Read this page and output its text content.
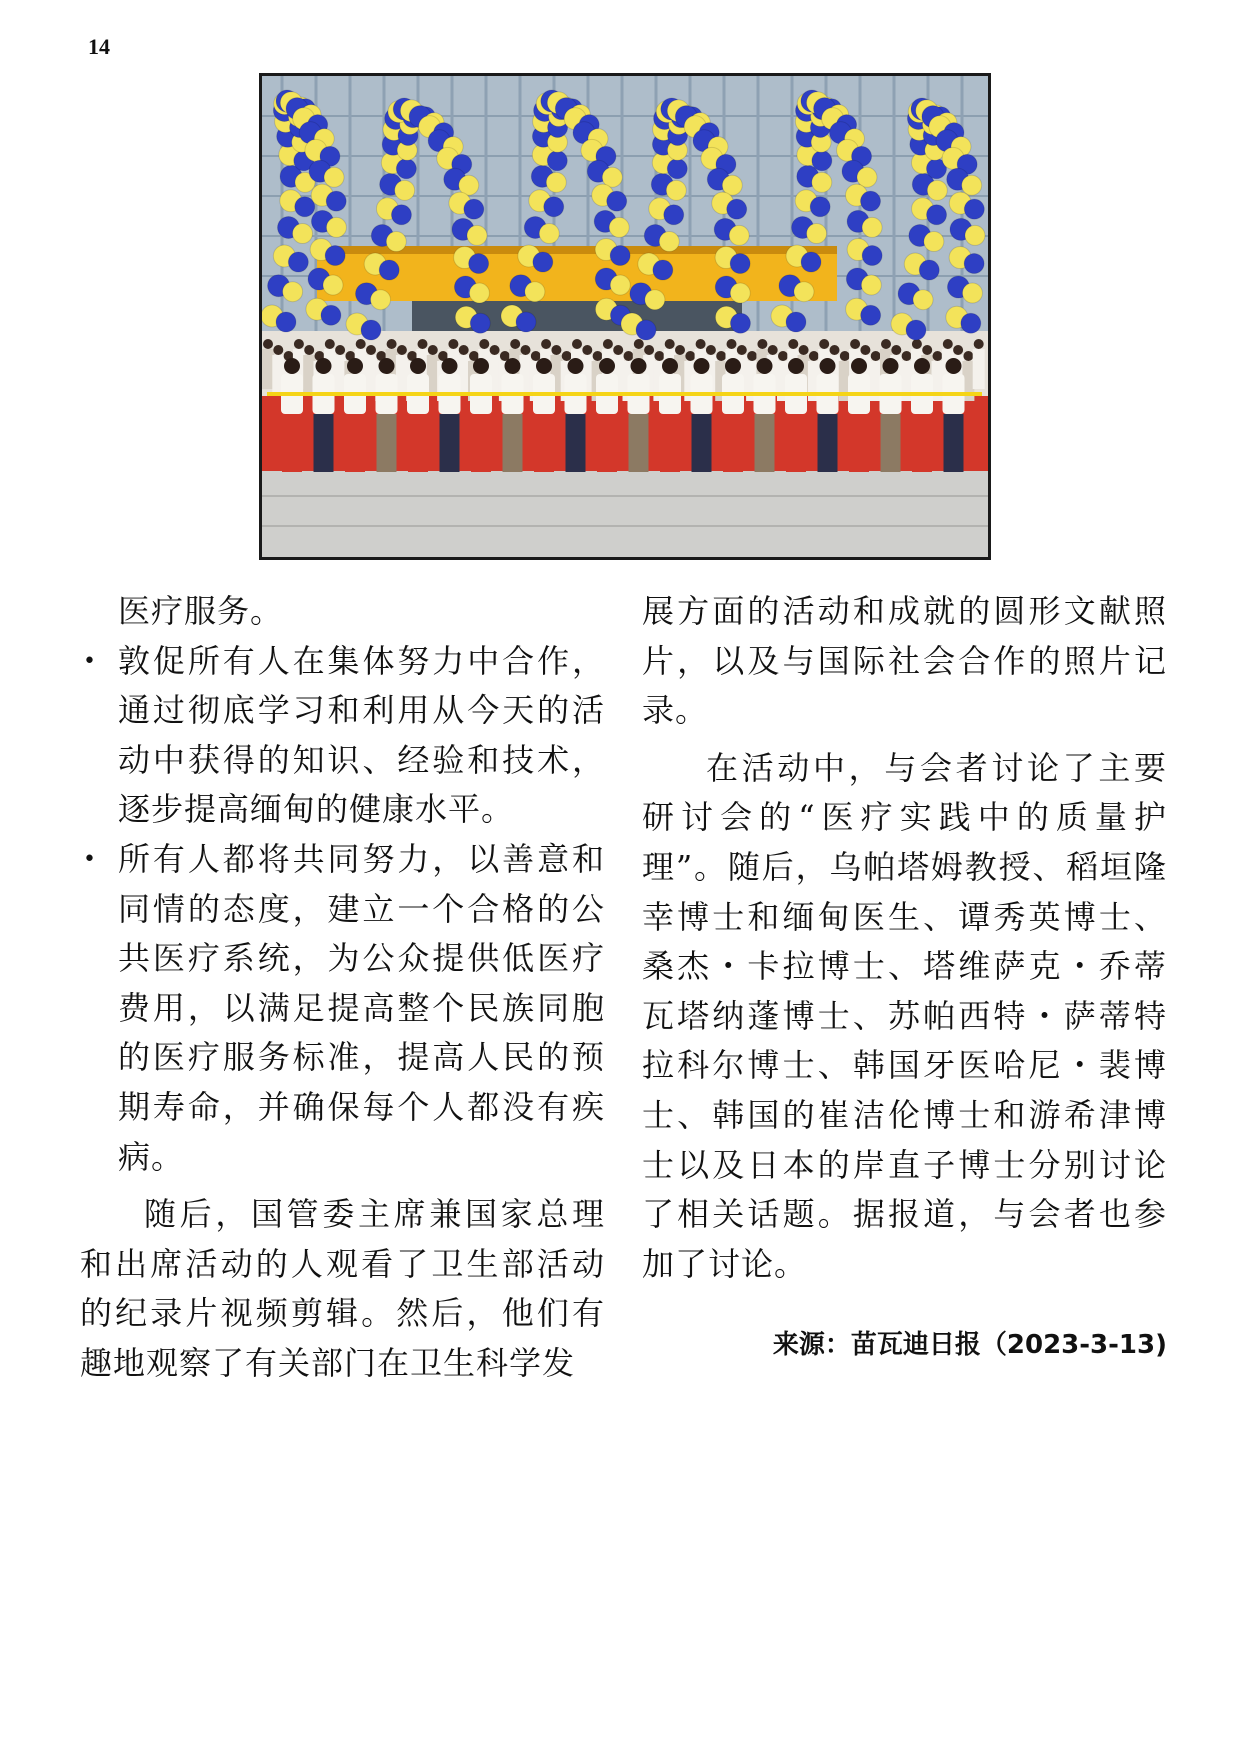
14

医疗服务。

• 敦促所有人在集体努力中合作，通过彻底学习和利用从今天的活动中获得的知识、经验和技术，逐步提高缅甸的健康水平。

• 所有人都将共同努力，以善意和同情的态度，建立一个合格的公共医疗系统，为公众提供低医疗费用，以满足提高整个民族同胞的医疗服务标准，提高人民的预期寿命，并确保每个人都没有疾病。

随后，国管委主席兼国家总理和出席活动的人观看了卫生部活动的纪录片视频剪辑。然后，他们有趣地观察了有关部门在卫生科学发

展方面的活动和成就的圆形文献照片，以及与国际社会合作的照片记录。

在活动中，与会者讨论了主要研讨会的“医疗实践中的质量护理”。随后，乌帕塔姆教授、稻垣隆幸博士和缅甸医生、谭秀英博士、桑杰・卡拉博士、塔维萨克・乔蒂瓦塔纳蓬博士、苏帕西特・萨蒂特拉科尔博士、韩国牙医哈尼・裴博士、韩国的崔洁伦博士和游希津博士以及日本的岸直子博士分别讨论了相关话题。据报道，与会者也参加了讨论。

来源：苗瓦迪日报（2023-3-13)
